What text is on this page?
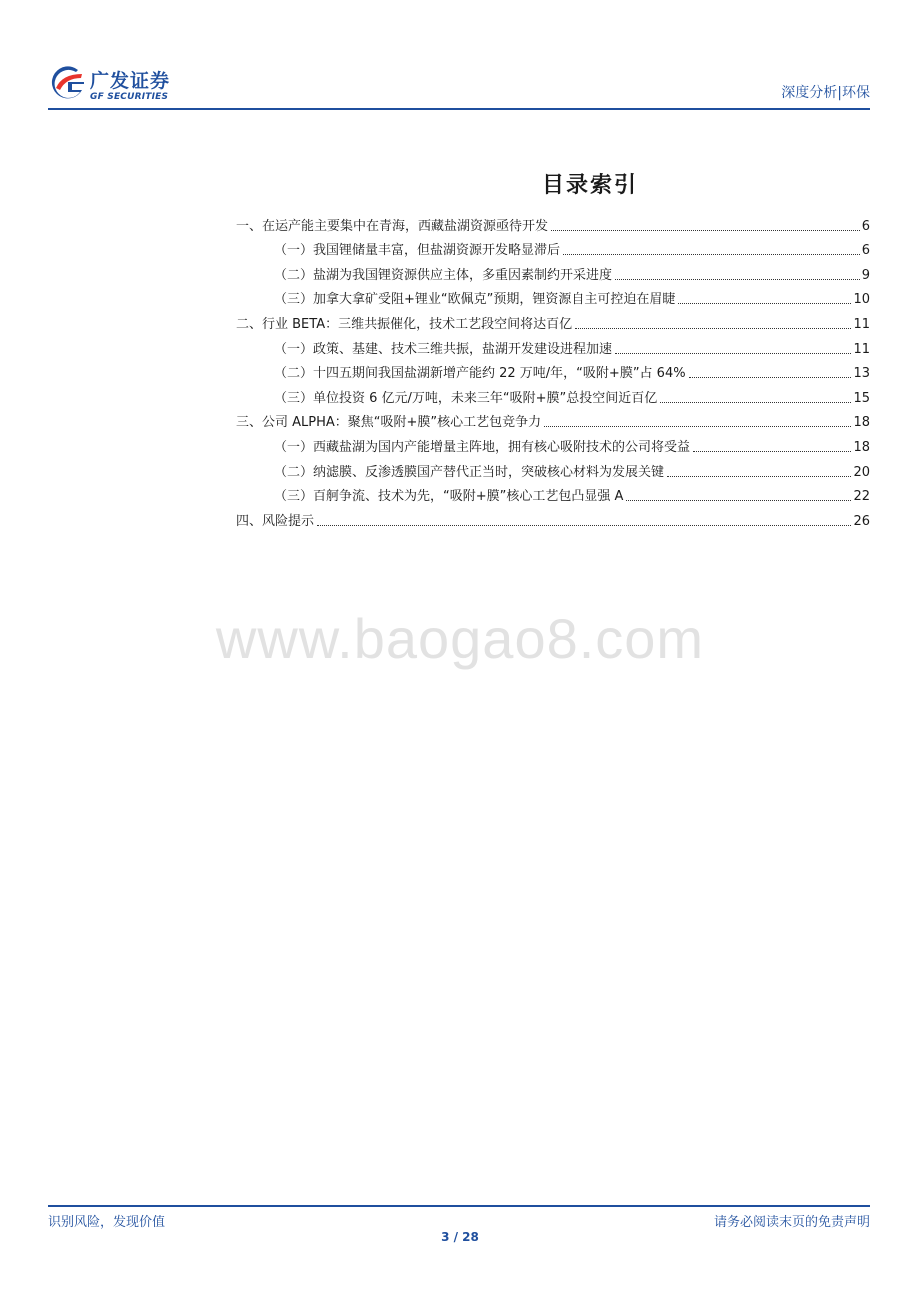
广发证券
GF SECURITIES	深度分析|环保
目录索引
一、在运产能主要集中在青海，西藏盐湖资源亟待开发	6
（一）我国锂储量丰富，但盐湖资源开发略显滞后	6
（二）盐湖为我国锂资源供应主体，多重因素制约开采进度	9
（三）加拿大拿矿受阻+锂业“欧佩克”预期，锂资源自主可控迫在眉睫	10
二、行业 BETA：三维共振催化，技术工艺段空间将达百亿	11
（一）政策、基建、技术三维共振，盐湖开发建设进程加速	11
（二）十四五期间我国盐湖新增产能约 22 万吨/年，“吸附+膜”占 64%	13
（三）单位投资 6 亿元/万吨，未来三年“吸附+膜”总投空间近百亿	15
三、公司 ALPHA：聚焦“吸附+膜”核心工艺包竞争力	18
（一）西藏盐湖为国内产能增量主阵地，拥有核心吸附技术的公司将受益	18
（二）纳滤膜、反渗透膜国产替代正当时，突破核心材料为发展关键	20
（三）百舸争流、技术为先，“吸附+膜”核心工艺包凸显强 A	22
四、风险提示	26
www.baogao8.com
识别风险，发现价值	请务必阅读末页的免责声明
3 / 28
